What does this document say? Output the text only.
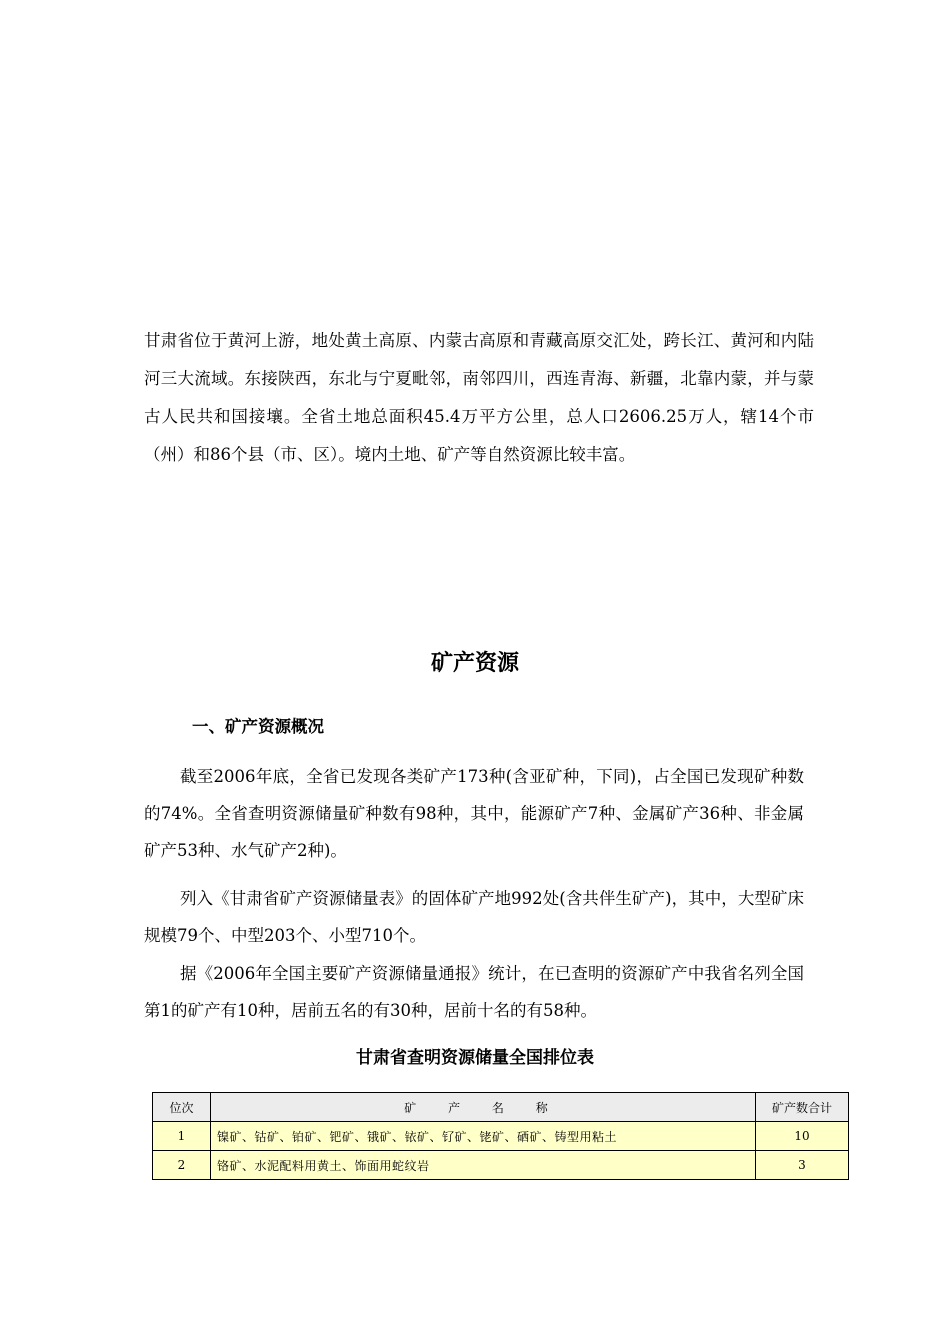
甘肃省位于黄河上游，地处黄土高原、内蒙古高原和青藏高原交汇处，跨长江、黄河和内陆河三大流域。东接陕西，东北与宁夏毗邻，南邻四川，西连青海、新疆，北靠内蒙，并与蒙古人民共和国接壤。全省土地总面积45.4万平方公里，总人口2606.25万人，辖14个市（州）和86个县（市、区）。境内土地、矿产等自然资源比较丰富。
矿产资源
一、矿产资源概况
截至2006年底，全省已发现各类矿产173种(含亚矿种，下同)，占全国已发现矿种数的74%。全省查明资源储量矿种数有98种，其中，能源矿产7种、金属矿产36种、非金属矿产53种、水气矿产2种)。
列入《甘肃省矿产资源储量表》的固体矿产地992处(含共伴生矿产)，其中，大型矿床规模79个、中型203个、小型710个。
据《2006年全国主要矿产资源储量通报》统计，在已查明的资源矿产中我省名列全国第1的矿产有10种，居前五名的有30种，居前十名的有58种。
甘肃省查明资源储量全国排位表
位次	矿 产 名 称	矿产数合计
1	镍矿、钴矿、铂矿、钯矿、锇矿、铱矿、钌矿、铑矿、硒矿、铸型用粘土	10
2	铬矿、水泥配料用黄土、饰面用蛇纹岩	3
